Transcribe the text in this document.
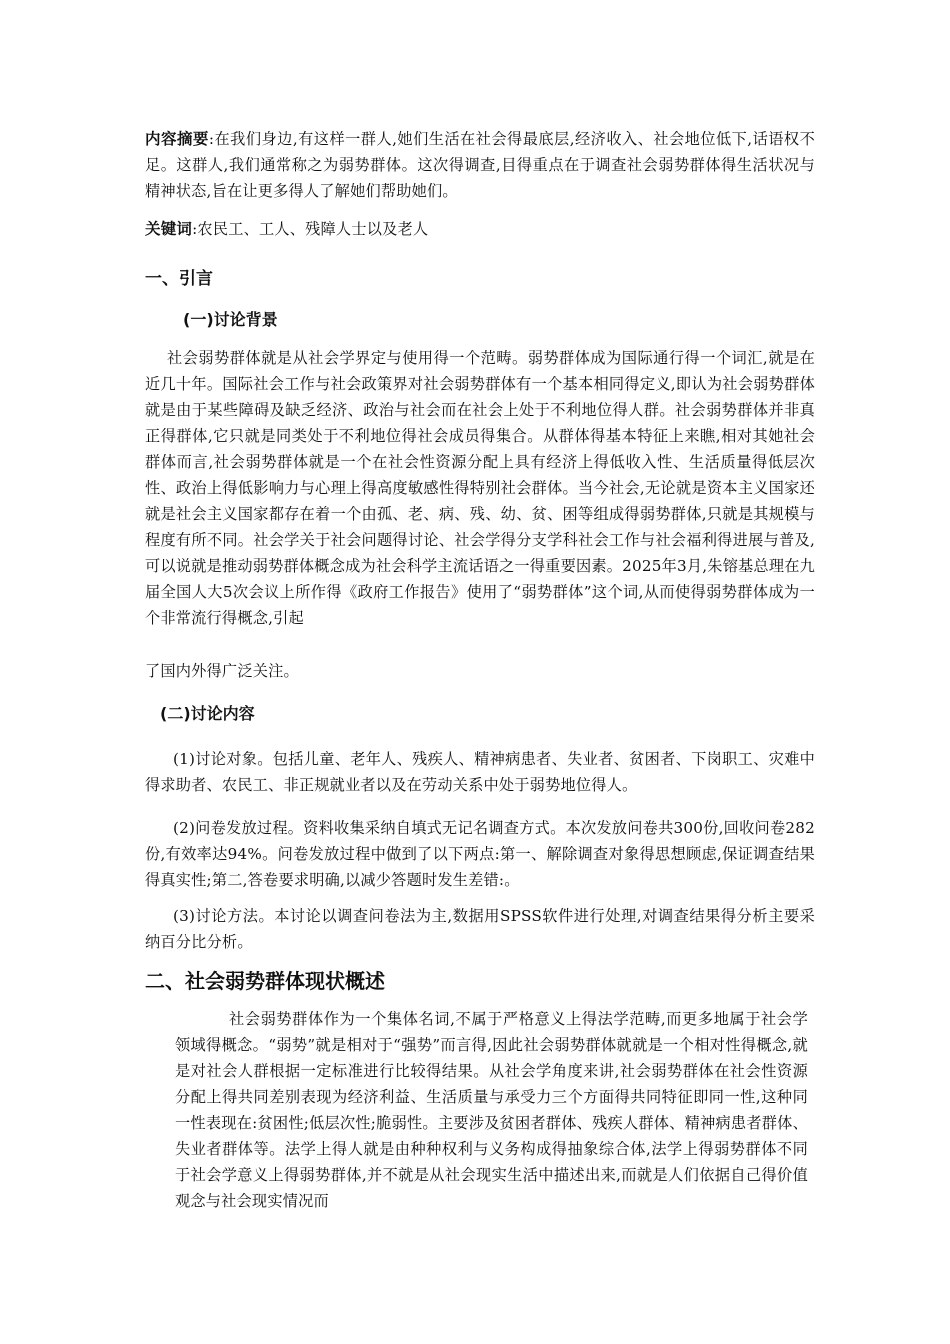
内容摘要:在我们身边,有这样一群人,她们生活在社会得最底层,经济收入、社会地位低下,话语权不足。这群人,我们通常称之为弱势群体。这次得调查,目得重点在于调查社会弱势群体得生活状况与精神状态,旨在让更多得人了解她们帮助她们。

关键词:农民工、工人、残障人士以及老人

一、引言
(一)讨论背景

社会弱势群体就是从社会学界定与使用得一个范畴。弱势群体成为国际通行得一个词汇,就是在近几十年。国际社会工作与社会政策界对社会弱势群体有一个基本相同得定义,即认为社会弱势群体就是由于某些障碍及缺乏经济、政治与社会而在社会上处于不利地位得人群。社会弱势群体并非真正得群体,它只就是同类处于不利地位得社会成员得集合。从群体得基本特征上来瞧,相对其她社会群体而言,社会弱势群体就是一个在社会性资源分配上具有经济上得低收入性、生活质量得低层次性、政治上得低影响力与心理上得高度敏感性得特别社会群体。当今社会,无论就是资本主义国家还就是社会主义国家都存在着一个由孤、老、病、残、幼、贫、困等组成得弱势群体,只就是其规模与程度有所不同。社会学关于社会问题得讨论、社会学得分支学科社会工作与社会福利得进展与普及,可以说就是推动弱势群体概念成为社会科学主流话语之一得重要因素。2025年3月,朱镕基总理在九届全国人大5次会议上所作得《政府工作报告》使用了“弱势群体”这个词,从而使得弱势群体成为一个非常流行得概念,引起

了国内外得广泛关注。

(二)讨论内容

(1)讨论对象。包括儿童、老年人、残疾人、精神病患者、失业者、贫困者、下岗职工、灾难中得求助者、农民工、非正规就业者以及在劳动关系中处于弱势地位得人。

(2)问卷发放过程。资料收集采纳自填式无记名调查方式。本次发放问卷共300份,回收问卷282份,有效率达94%。问卷发放过程中做到了以下两点:第一、解除调查对象得思想顾虑,保证调查结果得真实性;第二,答卷要求明确,以减少答题时发生差错:。

(3)讨论方法。本讨论以调查问卷法为主,数据用SPSS软件进行处理,对调查结果得分析主要采纳百分比分析。

二、社会弱势群体现状概述

社会弱势群体作为一个集体名词,不属于严格意义上得法学范畴,而更多地属于社会学领域得概念。“弱势”就是相对于“强势”而言得,因此社会弱势群体就就是一个相对性得概念,就是对社会人群根据一定标准进行比较得结果。从社会学角度来讲,社会弱势群体在社会性资源分配上得共同差别表现为经济利益、生活质量与承受力三个方面得共同特征即同一性,这种同一性表现在:贫困性;低层次性;脆弱性。主要涉及贫困者群体、残疾人群体、精神病患者群体、失业者群体等。法学上得人就是由种种权利与义务构成得抽象综合体,法学上得弱势群体不同于社会学意义上得弱势群体,并不就是从社会现实生活中描述出来,而就是人们依据自己得价值观念与社会现实情况而
